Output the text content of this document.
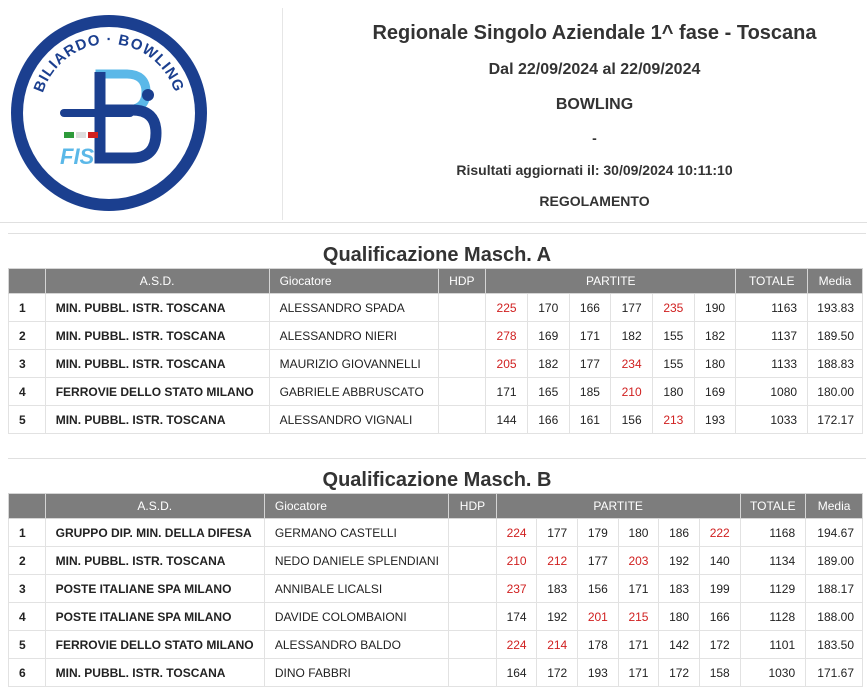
BILIARDO · BOWLING
FIS
Regionale Singolo Aziendale 1^ fase - Toscana
Dal 22/09/2024 al 22/09/2024
BOWLING
-
Risultati aggiornati il: 30/09/2024 10:11:10
REGOLAMENTO
Qualificazione Masch. A
	A.S.D.	Giocatore	HDP	PARTITE						TOTALE	Media
1	MIN. PUBBL. ISTR. TOSCANA	ALESSANDRO SPADA		225	170	166	177	235	190	1163	193.83
2	MIN. PUBBL. ISTR. TOSCANA	ALESSANDRO NIERI		278	169	171	182	155	182	1137	189.50
3	MIN. PUBBL. ISTR. TOSCANA	MAURIZIO GIOVANNELLI		205	182	177	234	155	180	1133	188.83
4	FERROVIE DELLO STATO MILANO	GABRIELE ABBRUSCATO		171	165	185	210	180	169	1080	180.00
5	MIN. PUBBL. ISTR. TOSCANA	ALESSANDRO VIGNALI		144	166	161	156	213	193	1033	172.17
Qualificazione Masch. B
	A.S.D.	Giocatore	HDP	PARTITE						TOTALE	Media
1	GRUPPO DIP. MIN. DELLA DIFESA	GERMANO CASTELLI		224	177	179	180	186	222	1168	194.67
2	MIN. PUBBL. ISTR. TOSCANA	NEDO DANIELE SPLENDIANI		210	212	177	203	192	140	1134	189.00
3	POSTE ITALIANE SPA MILANO	ANNIBALE LICALSI		237	183	156	171	183	199	1129	188.17
4	POSTE ITALIANE SPA MILANO	DAVIDE COLOMBAIONI		174	192	201	215	180	166	1128	188.00
5	FERROVIE DELLO STATO MILANO	ALESSANDRO BALDO		224	214	178	171	142	172	1101	183.50
6	MIN. PUBBL. ISTR. TOSCANA	DINO FABBRI		164	172	193	171	172	158	1030	171.67
